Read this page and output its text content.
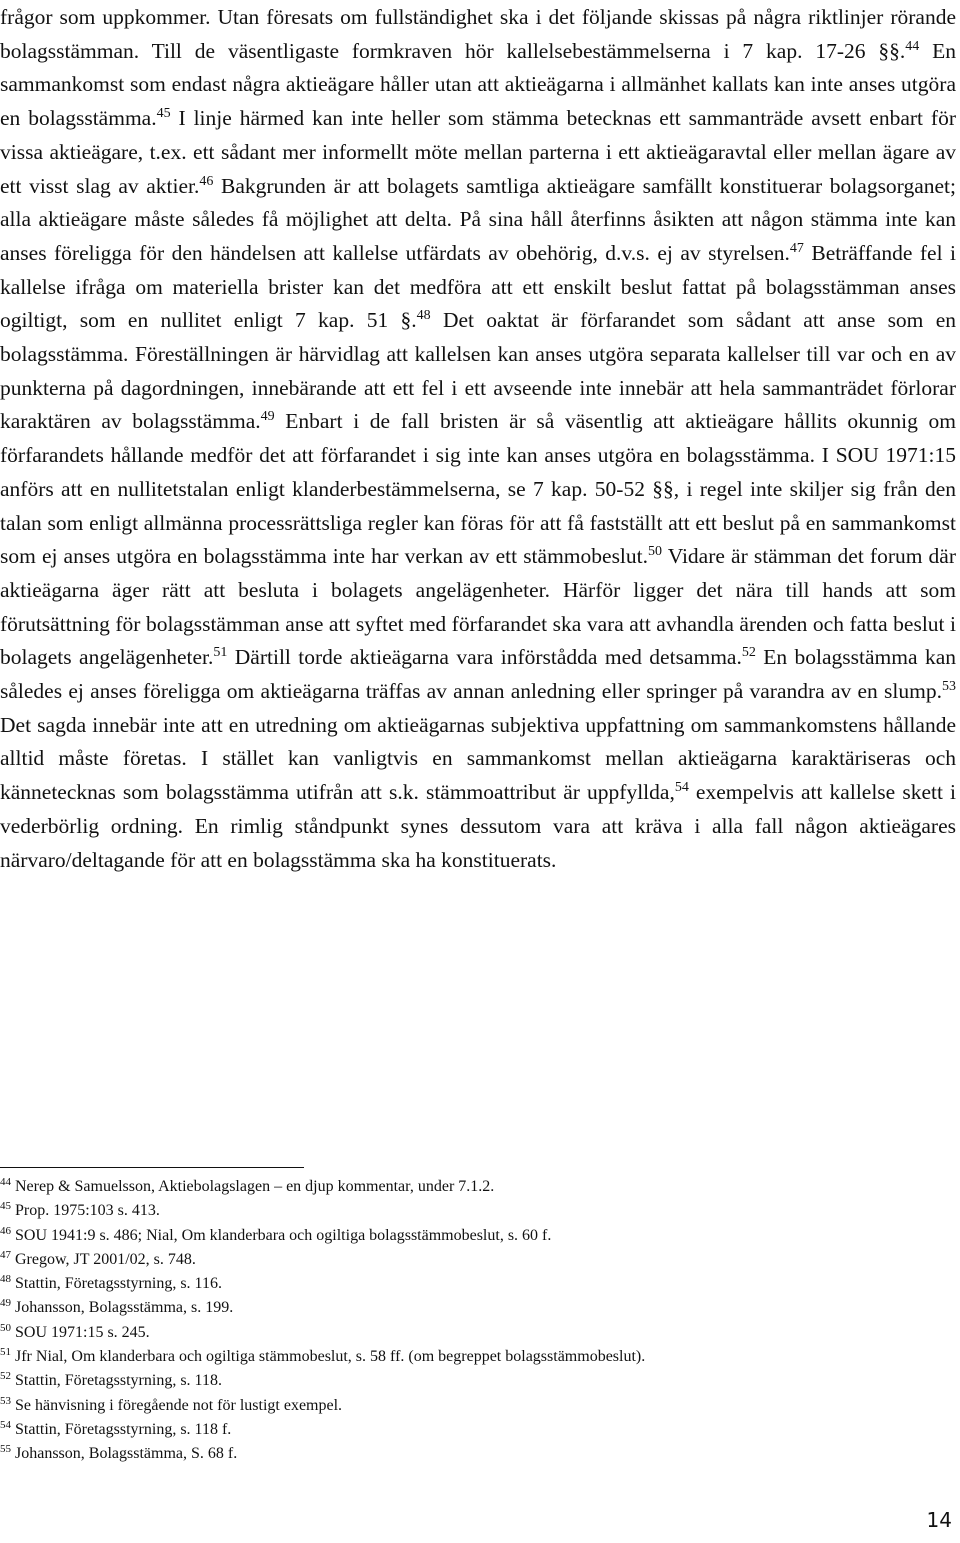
frågor som uppkommer. Utan föresats om fullständighet ska i det följande skissas på några riktlinjer rörande bolagsstämman. Till de väsentligaste formkraven hör kallelsebestämmelserna i 7 kap. 17-26 §§.$^{44}$ En sammankomst som endast några aktieägare håller utan att aktieägarna i allmänhet kallats kan inte anses utgöra en bolagsstämma.$^{45}$ I linje härmed kan inte heller som stämma betecknas ett sammanträde avsett enbart för vissa aktieägare, t.ex. ett sådant mer informellt möte mellan parterna i ett aktieägaravtal eller mellan ägare av ett visst slag av aktier.$^{46}$ Bakgrunden är att bolagets samtliga aktieägare samfällt konstituerar bolagsorganet; alla aktieägare måste således få möjlighet att delta. På sina håll återfinns åsikten att någon stämma inte kan anses föreligga för den händelsen att kallelse utfärdats av obehörig, d.v.s. ej av styrelsen.$^{47}$ Beträffande fel i kallelse ifråga om materiella brister kan det medföra att ett enskilt beslut fattat på bolagsstämman anses ogiltigt, som en nullitet enligt 7 kap. 51 §.$^{48}$ Det oaktat är förfarandet som sådant att anse som en bolagsstämma. Föreställningen är härvidlag att kallelsen kan anses utgöra separata kallelser till var och en av punkterna på dagordningen, innebärande att ett fel i ett avseende inte innebär att hela sammanträdet förlorar karaktären av bolagsstämma.$^{49}$ Enbart i de fall bristen är så väsentlig att aktieägare hållits okunnig om förfarandets hållande medför det att förfarandet i sig inte kan anses utgöra en bolagsstämma. I SOU 1971:15 anförs att en nullitetstalan enligt klanderbestämmelserna, se 7 kap. 50-52 §§, i regel inte skiljer sig från den talan som enligt allmänna processrättsliga regler kan föras för att få fastställt att ett beslut på en sammankomst som ej anses utgöra en bolagsstämma inte har verkan av ett stämmobeslut.$^{50}$ Vidare är stämman det forum där aktieägarna äger rätt att besluta i bolagets angelägenheter. Härför ligger det nära till hands att som förutsättning för bolagsstämman anse att syftet med förfarandet ska vara att avhandla ärenden och fatta beslut i bolagets angelägenheter.$^{51}$ Därtill torde aktieägarna vara införstådda med detsamma.$^{52}$ En bolagsstämma kan således ej anses föreligga om aktieägarna träffas av annan anledning eller springer på varandra av en slump.$^{53}$ Det sagda innebär inte att en utredning om aktieägarnas subjektiva uppfattning om sammankomstens hållande alltid måste företas. I stället kan vanligtvis en sammankomst mellan aktieägarna karaktäriseras och kännetecknas som bolagsstämma utifrån att s.k. stämmoattribut är uppfyllda,$^{54}$ exempelvis att kallelse skett i vederbörlig ordning. En rimlig ståndpunkt synes dessutom vara att kräva i alla fall någon aktieägares närvaro/deltagande för att en bolagsstämma ska ha konstituerats.

$^{44}$ Nerep & Samuelsson, Aktiebolagslagen – en djup kommentar, under 7.1.2.
$^{45}$ Prop. 1975:103 s. 413.
$^{46}$ SOU 1941:9 s. 486; Nial, Om klanderbara och ogiltiga bolagsstämmobeslut, s. 60 f.
$^{47}$ Gregow, JT 2001/02, s. 748.
$^{48}$ Stattin, Företagsstyrning, s. 116.
$^{49}$ Johansson, Bolagsstämma, s. 199.
$^{50}$ SOU 1971:15 s. 245.
$^{51}$ Jfr Nial, Om klanderbara och ogiltiga stämmobeslut, s. 58 ff. (om begreppet bolagsstämmobeslut).
$^{52}$ Stattin, Företagsstyrning, s. 118.
$^{53}$ Se hänvisning i föregående not för lustigt exempel.
$^{54}$ Stattin, Företagsstyrning, s. 118 f.
$^{55}$ Johansson, Bolagsstämma, S. 68 f.
14
